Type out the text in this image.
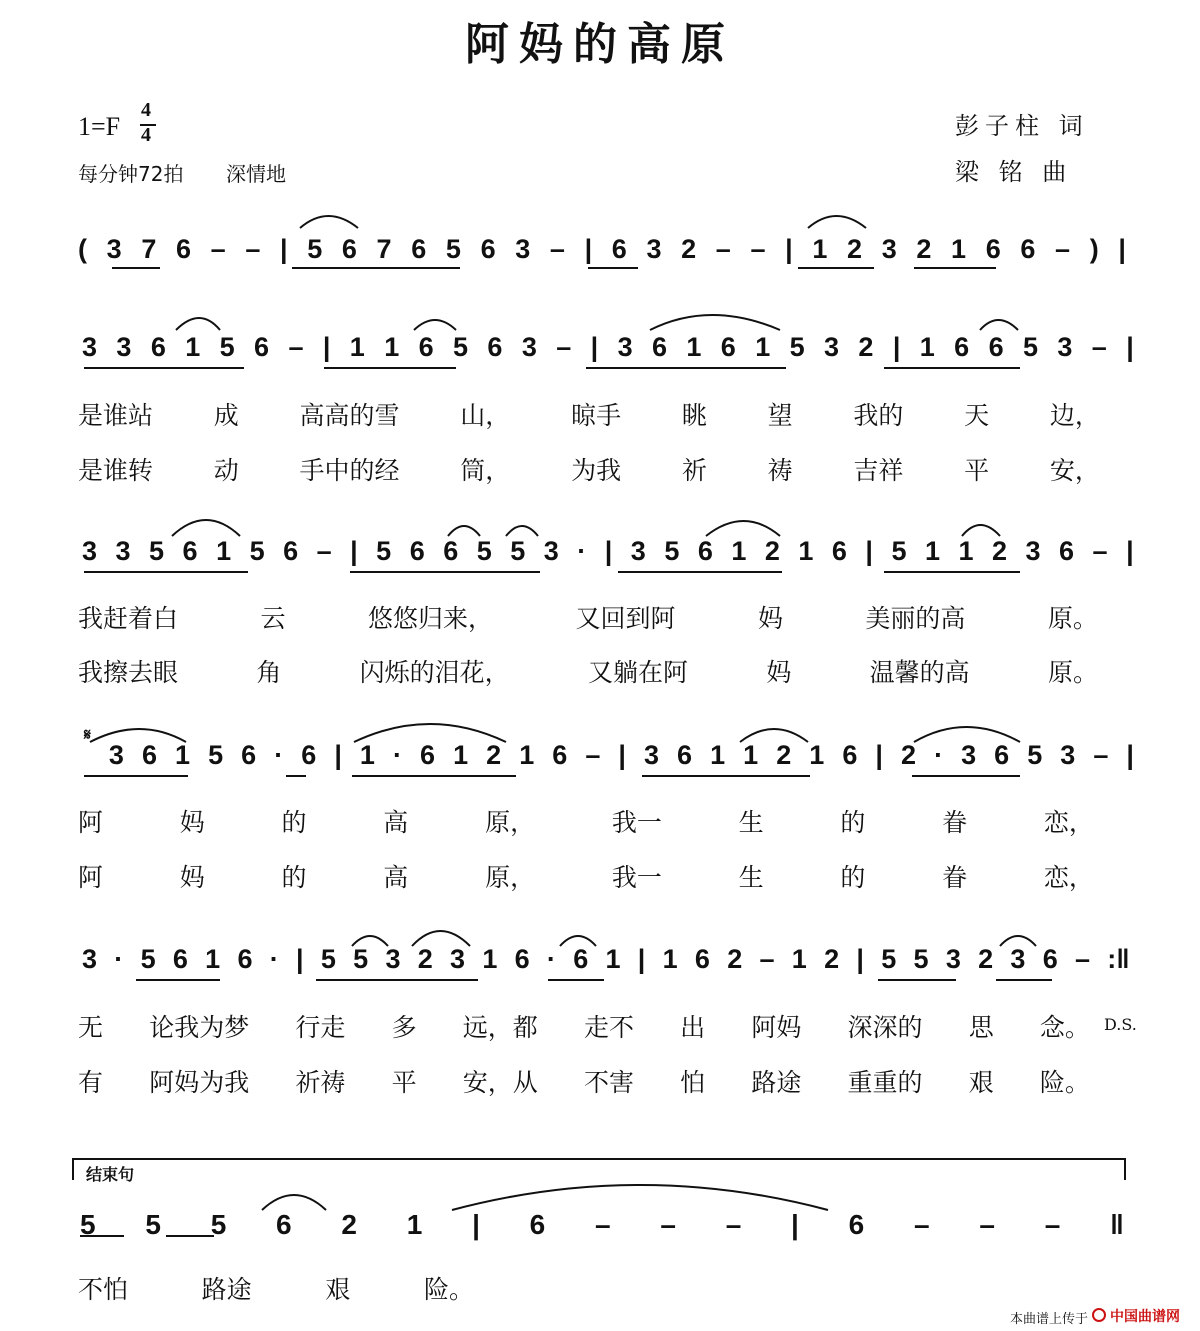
阿妈的高原
1=F
4
4
每分钟72拍 深情地
彭子柱 词
梁 铭 曲
( 3 7 6 – – | 5 6 7 6 5 6 3 – | 6 3 2 – – | 1 2 3 2 1 6 6 – ) |
3 3 6 1 5 6 – | 1 1 6 5 6 3 – | 3 6 1 6 1 5 3 2 | 1 6 6 5 3 – |
是谁站 成 高高的雪 山， 晾手 眺 望 我的 天 边，
是谁转 动 手中的经 筒， 为我 祈 祷 吉祥 平 安，
3 3 5 6 1 5 6 – | 5 6 6 5 5 3 · | 3 5 6 1 2 1 6 | 5 1 1 2 3 6 – |
我赶着白	云	悠悠归来，	又回到阿	妈	美丽的高	原。
我擦去眼	角	闪烁的泪花，	又躺在阿	妈	温馨的高	原。
𝄋
3 6 1 5 6 · 6 | 1 · 6 1 2 1 6 – | 3 6 1 1 2 1 6 | 2 · 3 6 5 3 – |
阿	妈	的	高	原，	我一	生	的	眷	恋，
阿	妈	的	高	原，	我一	生	的	眷	恋，
3 · 5 6 1 6 · | 5 5 3 2 3 1 6 · 6 1 | 1 6 2 – 1 2 | 5 5 3 2 3 6 – :‖
无 论我为梦 行走 多 远，都 走不 出 阿妈 深深的 思 念。 D.S.
有 阿妈为我 祈祷 平 安，从 不害 怕 路途 重重的 艰 险。
结束句
5 5 5 6 2 1 | 6 – – – | 6 – – – ‖
不怕	路途	艰	险。
本曲谱上传于 中国曲谱网
